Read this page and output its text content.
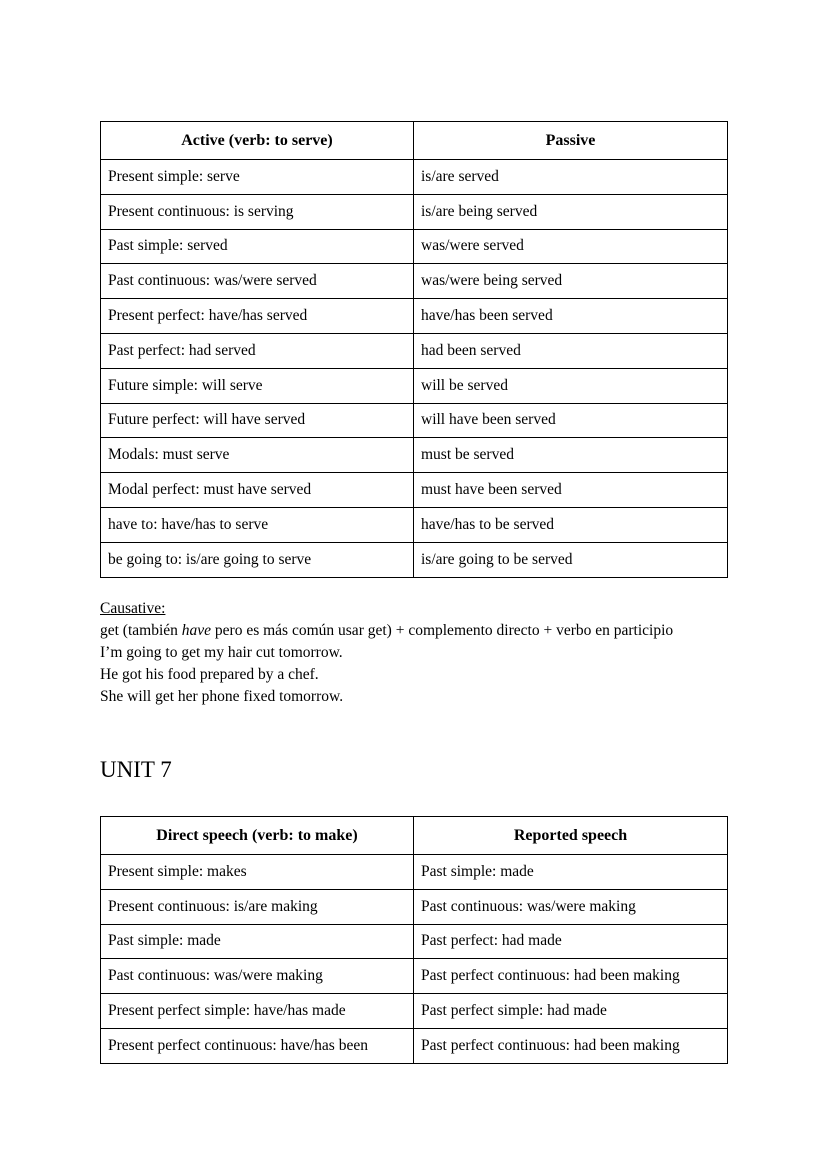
Active (verb: to serve)	Passive
Present simple: serve	is/are served
Present continuous: is serving	is/are being served
Past simple: served	was/were served
Past continuous: was/were served	was/were being served
Present perfect: have/has served	have/has been served
Past perfect: had served	had been served
Future simple: will serve	will be served
Future perfect: will have served	will have been served
Modals: must serve	must be served
Modal perfect: must have served	must have been served
have to: have/has to serve	have/has to be served
be going to: is/are going to serve	is/are going to be served
Causative:
get (también have pero es más común usar get) + complemento directo + verbo en participio
I’m going to get my hair cut tomorrow.
He got his food prepared by a chef.
She will get her phone fixed tomorrow.
UNIT 7
Direct speech (verb: to make)	Reported speech
Present simple: makes	Past simple: made
Present continuous: is/are making	Past continuous: was/were making
Past simple: made	Past perfect: had made
Past continuous: was/were making	Past perfect continuous: had been making
Present perfect simple: have/has made	Past perfect simple: had made
Present perfect continuous: have/has been	Past perfect continuous: had been making
